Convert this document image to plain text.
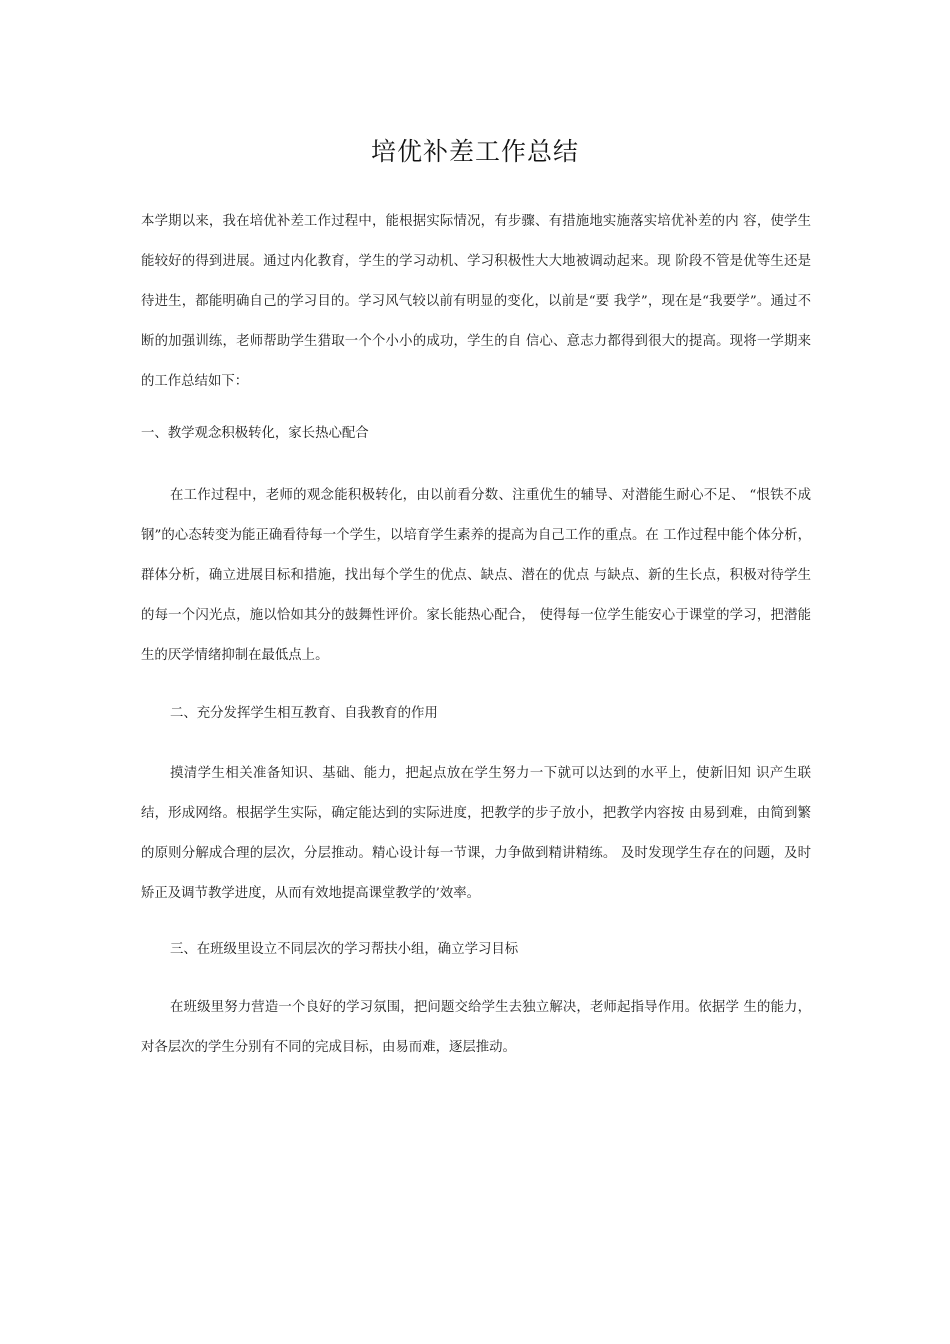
培优补差工作总结

本学期以来，我在培优补差工作过程中，能根据实际情况，有步骤、有措施地实施落实培优补差的内 容，使学生能较好的得到进展。通过内化教育，学生的学习动机、学习积极性大大地被调动起来。现 阶段不管是优等生还是待进生，都能明确自己的学习目的。学习风气较以前有明显的变化，以前是“要 我学”，现在是“我要学”。通过不断的加强训练，老师帮助学生猎取一个个小小的成功，学生的自 信心、意志力都得到很大的提高。现将一学期来的工作总结如下：

一、教学观念积极转化，家长热心配合

在工作过程中，老师的观念能积极转化，由以前看分数、注重优生的辅导、对潜能生耐心不足、 “恨铁不成钢”的心态转变为能正确看待每一个学生，以培育学生素养的提高为自己工作的重点。在 工作过程中能个体分析，群体分析，确立进展目标和措施，找出每个学生的优点、缺点、潜在的优点 与缺点、新的生长点，积极对待学生的每一个闪光点，施以恰如其分的鼓舞性评价。家长能热心配合， 使得每一位学生能安心于课堂的学习，把潜能生的厌学情绪抑制在最低点上。

二、充分发挥学生相互教育、自我教育的作用

摸清学生相关准备知识、基础、能力，把起点放在学生努力一下就可以达到的水平上，使新旧知 识产生联结，形成网络。根据学生实际，确定能达到的实际进度，把教学的步子放小，把教学内容按 由易到难，由简到繁的原则分解成合理的层次，分层推动。精心设计每一节课，力争做到精讲精练。 及时发现学生存在的问题，及时矫正及调节教学进度，从而有效地提高课堂教学的’效率。

三、在班级里设立不同层次的学习帮扶小组，确立学习目标

在班级里努力营造一个良好的学习氛围，把问题交给学生去独立解决，老师起指导作用。依据学 生的能力，对各层次的学生分别有不同的完成目标，由易而难，逐层推动。
